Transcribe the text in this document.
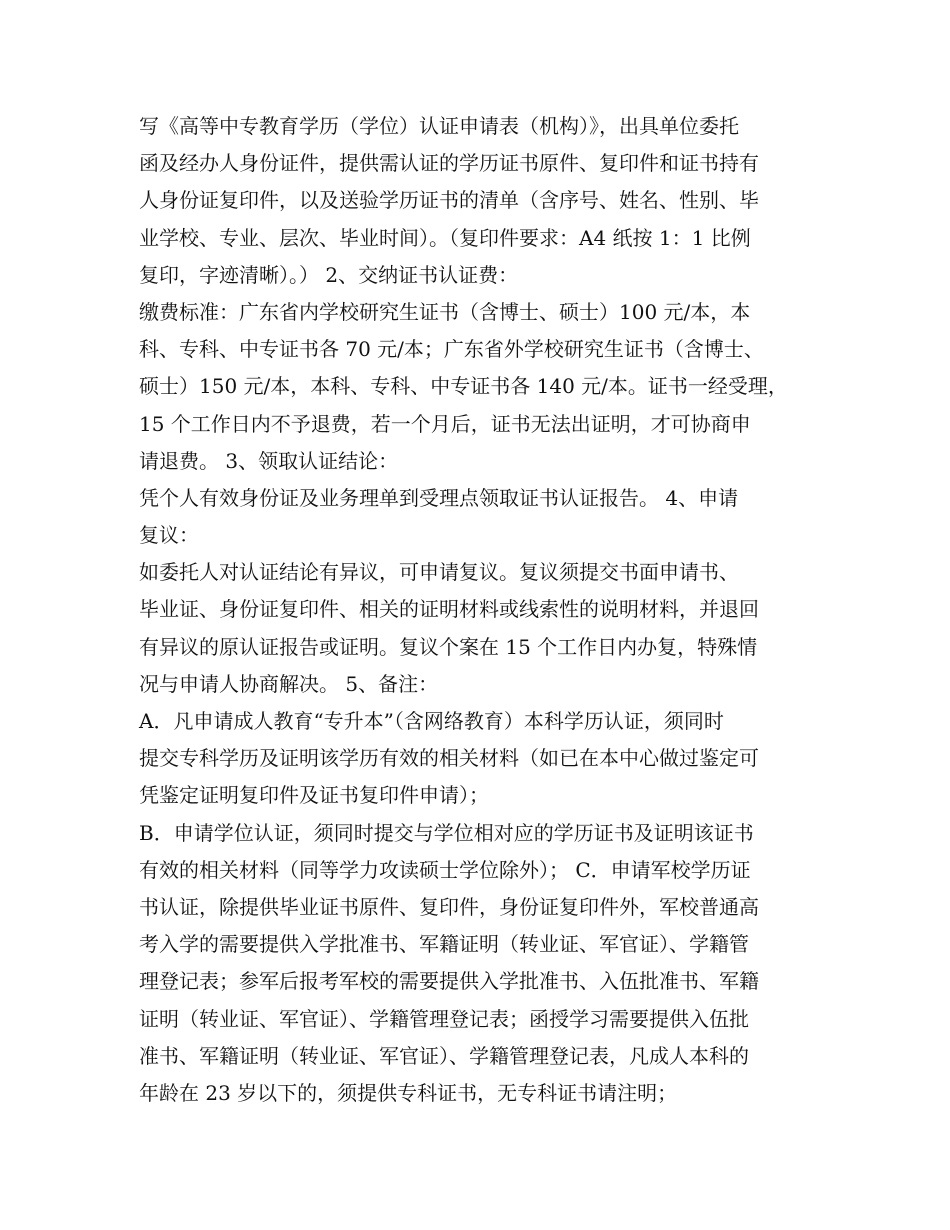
写《高等中专教育学历（学位）认证申请表（机构）》，出具单位委托
函及经办人身份证件，提供需认证的学历证书原件、复印件和证书持有
人身份证复印件，以及送验学历证书的清单（含序号、姓名、性别、毕
业学校、专业、层次、毕业时间）。（复印件要求：A4 纸按 1：1 比例
复印，字迹清晰）。） 2、交纳证书认证费：
缴费标准：广东省内学校研究生证书（含博士、硕士）100 元/本，本
科、专科、中专证书各 70 元/本；广东省外学校研究生证书（含博士、
硕士）150 元/本，本科、专科、中专证书各 140 元/本。证书一经受理，
15 个工作日内不予退费，若一个月后，证书无法出证明，才可协商申
请退费。 3、领取认证结论：
凭个人有效身份证及业务理单到受理点领取证书认证报告。 4、申请
复议：
如委托人对认证结论有异议，可申请复议。复议须提交书面申请书、
毕业证、身份证复印件、相关的证明材料或线索性的说明材料，并退回
有异议的原认证报告或证明。复议个案在 15 个工作日内办复，特殊情
况与申请人协商解决。 5、备注：
A．凡申请成人教育“专升本”（含网络教育）本科学历认证，须同时
提交专科学历及证明该学历有效的相关材料（如已在本中心做过鉴定可
凭鉴定证明复印件及证书复印件申请）；
B．申请学位认证，须同时提交与学位相对应的学历证书及证明该证书
有效的相关材料（同等学力攻读硕士学位除外）； C．申请军校学历证
书认证，除提供毕业证书原件、复印件，身份证复印件外，军校普通高
考入学的需要提供入学批准书、军籍证明（转业证、军官证）、学籍管
理登记表；参军后报考军校的需要提供入学批准书、入伍批准书、军籍
证明（转业证、军官证）、学籍管理登记表；函授学习需要提供入伍批
准书、军籍证明（转业证、军官证）、学籍管理登记表，凡成人本科的
年龄在 23 岁以下的，须提供专科证书，无专科证书请注明；
